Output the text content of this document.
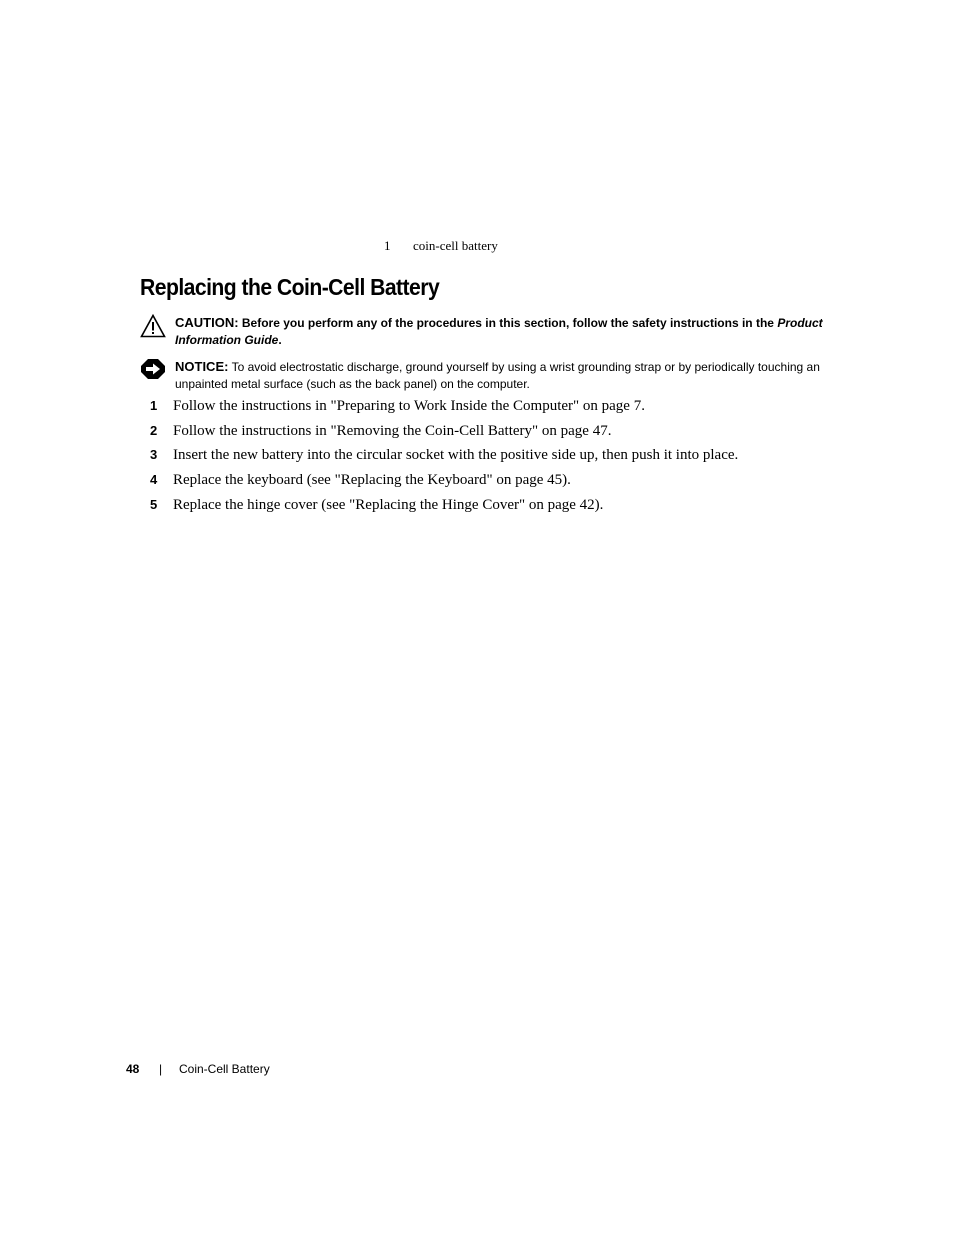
1	coin-cell battery
Replacing the Coin-Cell Battery
CAUTION: Before you perform any of the procedures in this section, follow the safety instructions in the Product Information Guide.
NOTICE: To avoid electrostatic discharge, ground yourself by using a wrist grounding strap or by periodically touching an unpainted metal surface (such as the back panel) on the computer.
1	Follow the instructions in "Preparing to Work Inside the Computer" on page 7.
2	Follow the instructions in "Removing the Coin-Cell Battery" on page 47.
3	Insert the new battery into the circular socket with the positive side up, then push it into place.
4	Replace the keyboard (see "Replacing the Keyboard" on page 45).
5	Replace the hinge cover (see "Replacing the Hinge Cover" on page 42).
48	|	Coin-Cell Battery
